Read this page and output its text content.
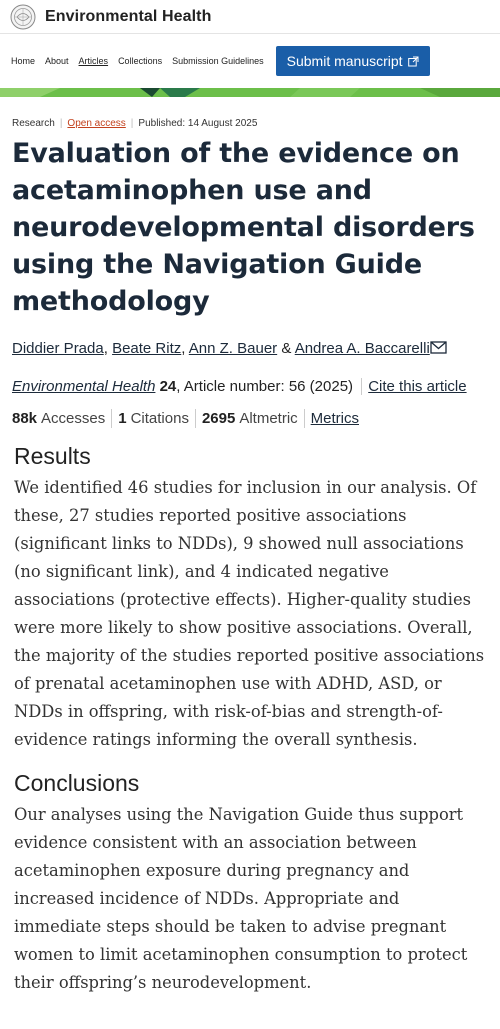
Environmental Health
Home About Articles Collections Submission Guidelines Submit manuscript
Research | Open access | Published: 14 August 2025
Evaluation of the evidence on acetaminophen use and neurodevelopmental disorders using the Navigation Guide methodology
Diddier Prada, Beate Ritz, Ann Z. Bauer & Andrea A. Baccarelli
Environmental Health 24, Article number: 56 (2025) Cite this article
88k Accesses 1 Citations 2695 Altmetric Metrics
Results

We identified 46 studies for inclusion in our analysis. Of these, 27 studies reported positive associations (significant links to NDDs), 9 showed null associations (no significant link), and 4 indicated negative associations (protective effects). Higher-quality studies were more likely to show positive associations. Overall, the majority of the studies reported positive associations of prenatal acetaminophen use with ADHD, ASD, or NDDs in offspring, with risk-of-bias and strength-of-evidence ratings informing the overall synthesis.

Conclusions

Our analyses using the Navigation Guide thus support evidence consistent with an association between acetaminophen exposure during pregnancy and increased incidence of NDDs. Appropriate and immediate steps should be taken to advise pregnant women to limit acetaminophen consumption to protect their offspring’s neurodevelopment.
